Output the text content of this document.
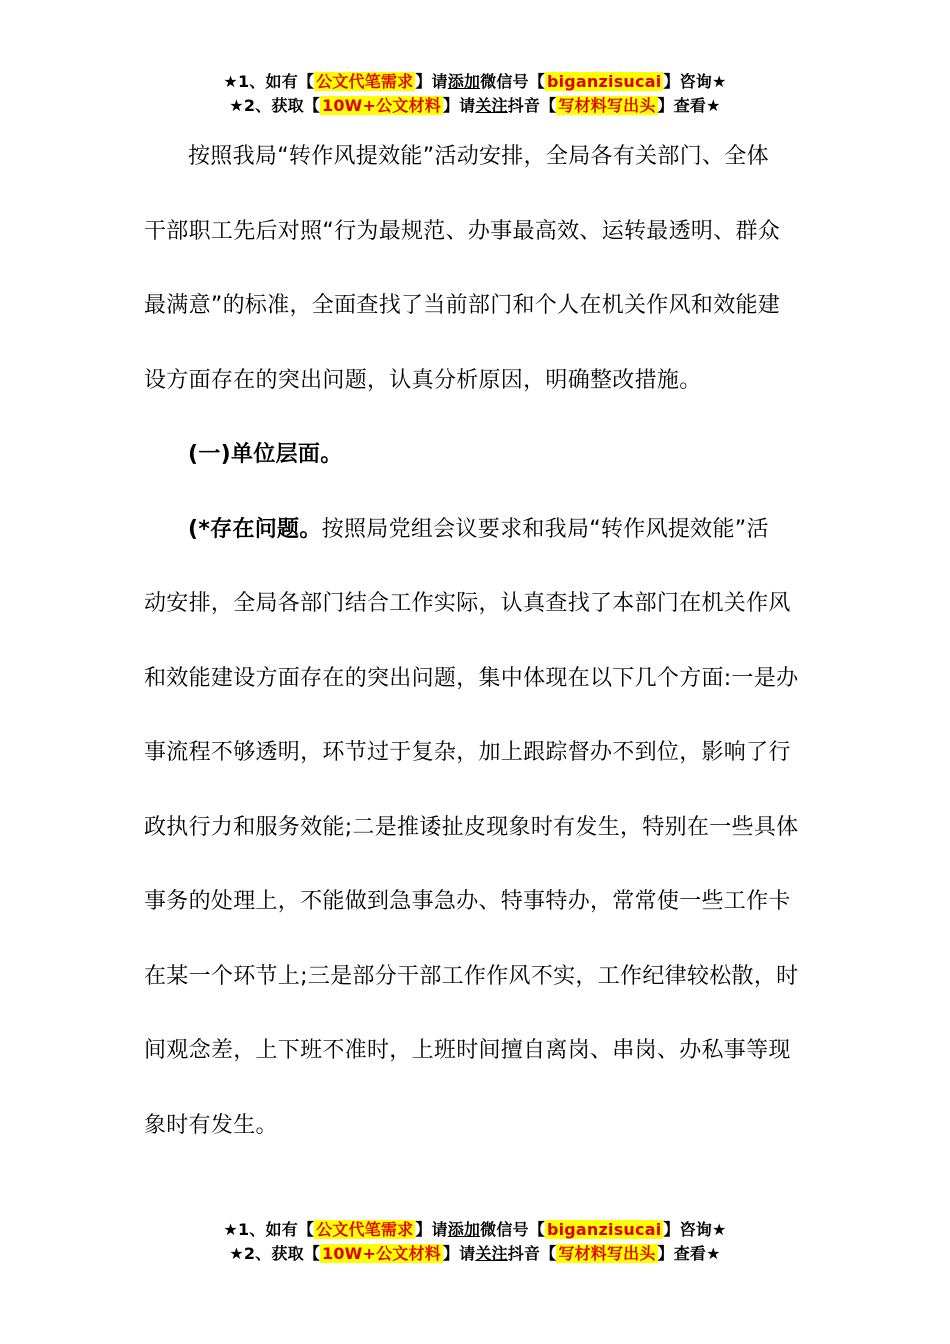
★1、如有【 公文代笔需求 】请添加微信号【 biganzisucai 】咨询★
★2、获取【 10W+公文材料 】请关注抖音【 写材料写出头 】查看★

按照我局“转作风提效能”活动安排，全局各有关部门、全体

干部职工先后对照“行为最规范、办事最高效、运转最透明、群众

最满意”的标准，全面查找了当前部门和个人在机关作风和效能建

设方面存在的突出问题，认真分析原因，明确整改措施。

(一)单位层面。

(*存在问题。按照局党组会议要求和我局“转作风提效能”活

动安排，全局各部门结合工作实际，认真查找了本部门在机关作风

和效能建设方面存在的突出问题，集中体现在以下几个方面:一是办

事流程不够透明，环节过于复杂，加上跟踪督办不到位，影响了行

政执行力和服务效能;二是推诿扯皮现象时有发生，特别在一些具体

事务的处理上，不能做到急事急办、特事特办，常常使一些工作卡

在某一个环节上;三是部分干部工作作风不实，工作纪律较松散，时

间观念差，上下班不准时，上班时间擅自离岗、串岗、办私事等现

象时有发生。

★1、如有【 公文代笔需求 】请添加微信号【 biganzisucai 】咨询★
★2、获取【 10W+公文材料 】请关注抖音【 写材料写出头 】查看★
